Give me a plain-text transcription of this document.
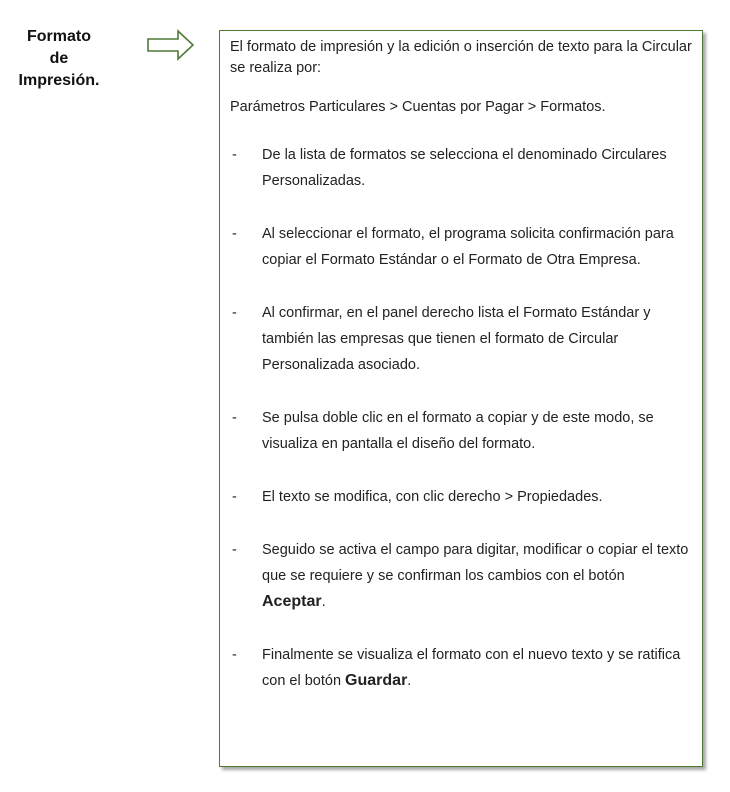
Formato
de
Impresión.

El formato de impresión y la edición o inserción de texto para la Circular se realiza por:

Parámetros Particulares > Cuentas por Pagar > Formatos.

- De la lista de formatos se selecciona el denominado Circulares Personalizadas.
- Al seleccionar el formato, el programa solicita confirmación para copiar el Formato Estándar o el Formato de Otra Empresa.
- Al confirmar, en el panel derecho lista el Formato Estándar y también las empresas que tienen el formato de Circular Personalizada asociado.
- Se pulsa doble clic en el formato a copiar y de este modo, se visualiza en pantalla el diseño del formato.
- El texto se modifica, con clic derecho > Propiedades.
- Seguido se activa el campo para digitar, modificar o copiar el texto que se requiere y se confirman los cambios con el botón Aceptar.
- Finalmente se visualiza el formato con el nuevo texto y se ratifica con el botón Guardar.
